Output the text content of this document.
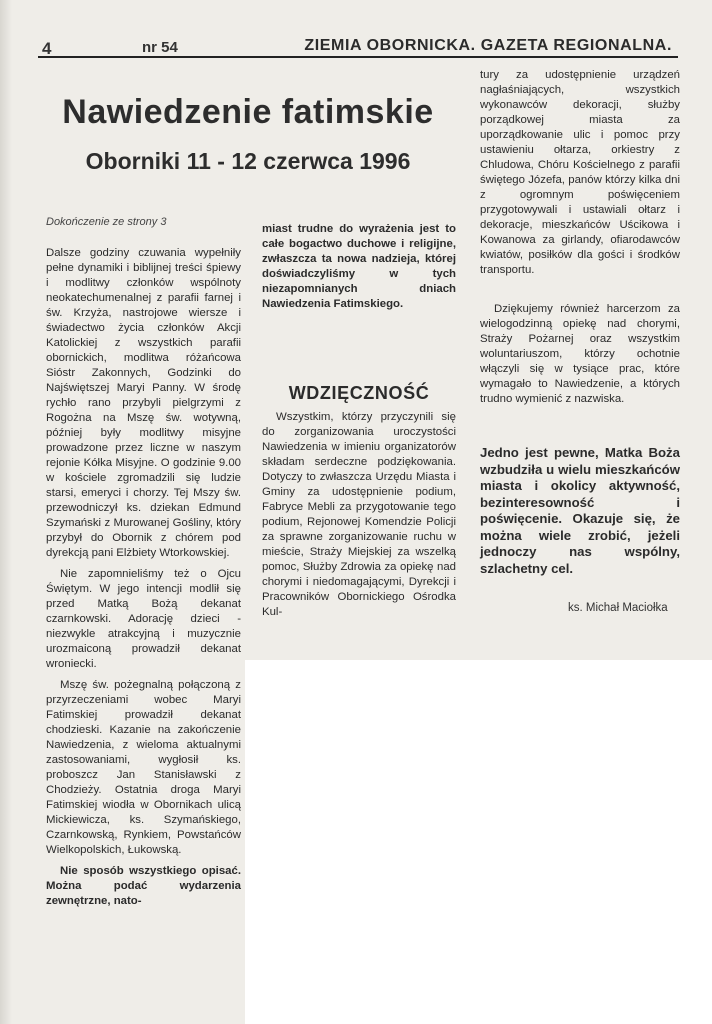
4	nr 54	ZIEMIA OBORNICKA. GAZETA REGIONALNA.
Nawiedzenie fatimskie
Oborniki 11 - 12 czerwca 1996
Dokończenie ze strony 3

Dalsze godziny czuwania wypełniły pełne dynamiki i biblijnej treści śpiewy i modlitwy członków wspólnoty neokatechumenalnej z parafii farnej i św. Krzyża, nastrojowe wiersze i świadectwo życia członków Akcji Katolickiej z wszystkich parafii obornickich, modlitwa różańcowa Sióstr Zakonnych, Godzinki do Najświętszej Maryi Panny. W środę rychło rano przybyli pielgrzymi z Rogożna na Mszę św. wotywną, później były modlitwy misyjne prowadzone przez liczne w naszym rejonie Kółka Misyjne. O godzinie 9.00 w kościele zgromadzili się ludzie starsi, emeryci i chorzy. Tej Mszy św. przewodniczył ks. dziekan Edmund Szymański z Murowanej Gośliny, który przybył do Obornik z chórem pod dyrekcją pani Elżbiety Wtorkowskiej.

Nie zapomnieliśmy też o Ojcu Świętym. W jego intencji modlił się przed Matką Bożą dekanat czarnkowski. Adorację dzieci - niezwykle atrakcyjną i muzycznie urozmaiconą prowadził dekanat wroniecki.

Mszę św. pożegnalną połączoną z przyrzeczeniami wobec Maryi Fatimskiej prowadził dekanat chodzieski. Kazanie na zakończenie Nawiedzenia, z wieloma aktualnymi zastosowaniami, wygłosił ks. proboszcz Jan Stanisławski z Chodzieży. Ostatnia droga Maryi Fatimskiej wiodła w Obornikach ulicą Mickiewicza, ks. Szymańskiego, Czarnkowską, Rynkiem, Powstańców Wielkopolskich, Łukowską.

Nie sposób wszystkiego opisać. Można podać wydarzenia zewnętrzne, nato-

miast trudne do wyrażenia jest to całe bogactwo duchowe i religijne, zwłaszcza ta nowa nadzieja, której doświadczyliśmy w tych niezapomnianych dniach Nawiedzenia Fatimskiego.

WDZIĘCZNOŚĆ

Wszystkim, którzy przyczynili się do zorganizowania uroczystości Nawiedzenia w imieniu organizatorów składam serdeczne podziękowania. Dotyczy to zwłaszcza Urzędu Miasta i Gminy za udostępnienie podium, Fabryce Mebli za przygotowanie tego podium, Rejonowej Komendzie Policji za sprawne zorganizowanie ruchu w mieście, Straży Miejskiej za wszelką pomoc, Służby Zdrowia za opiekę nad chorymi i niedomagającymi, Dyrekcji i Pracowników Obornickiego Ośrodka Kul-

tury za udostępnienie urządzeń nagłaśniających, wszystkich wykonawców dekoracji, służby porządkowej miasta za uporządkowanie ulic i pomoc przy ustawieniu ołtarza, orkiestry z Chludowa, Chóru Kościelnego z parafii świętego Józefa, panów którzy kilka dni z ogromnym poświęceniem przygotowywali i ustawiali ołtarz i dekoracje, mieszkańców Uścikowa i Kowanowa za girlandy, ofiarodawców kwiatów, posiłków dla gości i środków transportu.

Dziękujemy również harcerzom za wielogodzinną opiekę nad chorymi, Straży Pożarnej oraz wszystkim woluntariuszom, którzy ochotnie włączyli się w tysiące prac, które wymagało to Nawiedzenie, a których trudno wymienić z nazwiska.

Jedno jest pewne, Matka Boża wzbudziła u wielu mieszkańców miasta i okolicy aktywność, bezinteresowność i poświęcenie. Okazuje się, że można wiele zrobić, jeżeli jednoczy nas wspólny, szlachetny cel.
ks. Michał Maciołka
